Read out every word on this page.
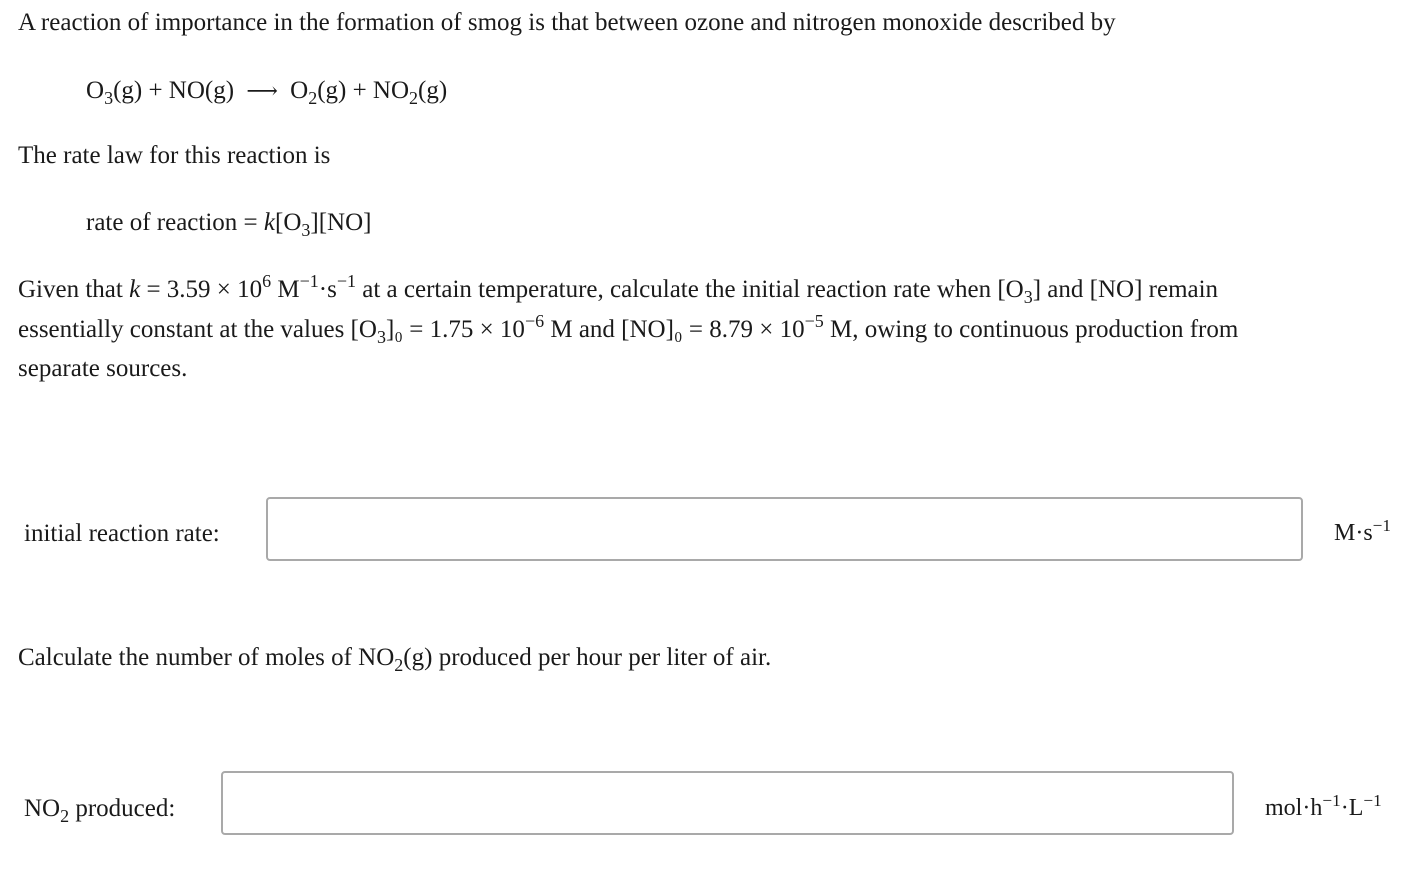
A reaction of importance in the formation of smog is that between ozone and nitrogen monoxide described by
$O_3(g) + NO(g)$ ⟶ $O_2(g) + NO_2(g)$
The rate law for this reaction is
rate of reaction = $k[O_3][NO]$
Given that $k = 3.59 \times 10^6$ $M^{-1}\cdot s^{-1}$ at a certain temperature, calculate the initial reaction rate when $[O_3]$ and [NO] remain
essentially constant at the values $[O_3]_0 = 1.75 \times 10^{-6}$ M and $[NO]_0 = 8.79 \times 10^{-5}$ M, owing to continuous production from
separate sources.
initial reaction rate:	$M\cdot s^{-1}$
Calculate the number of moles of $NO_2(g)$ produced per hour per liter of air.
$NO_2$ produced:	$mol\cdot h^{-1}\cdot L^{-1}$
